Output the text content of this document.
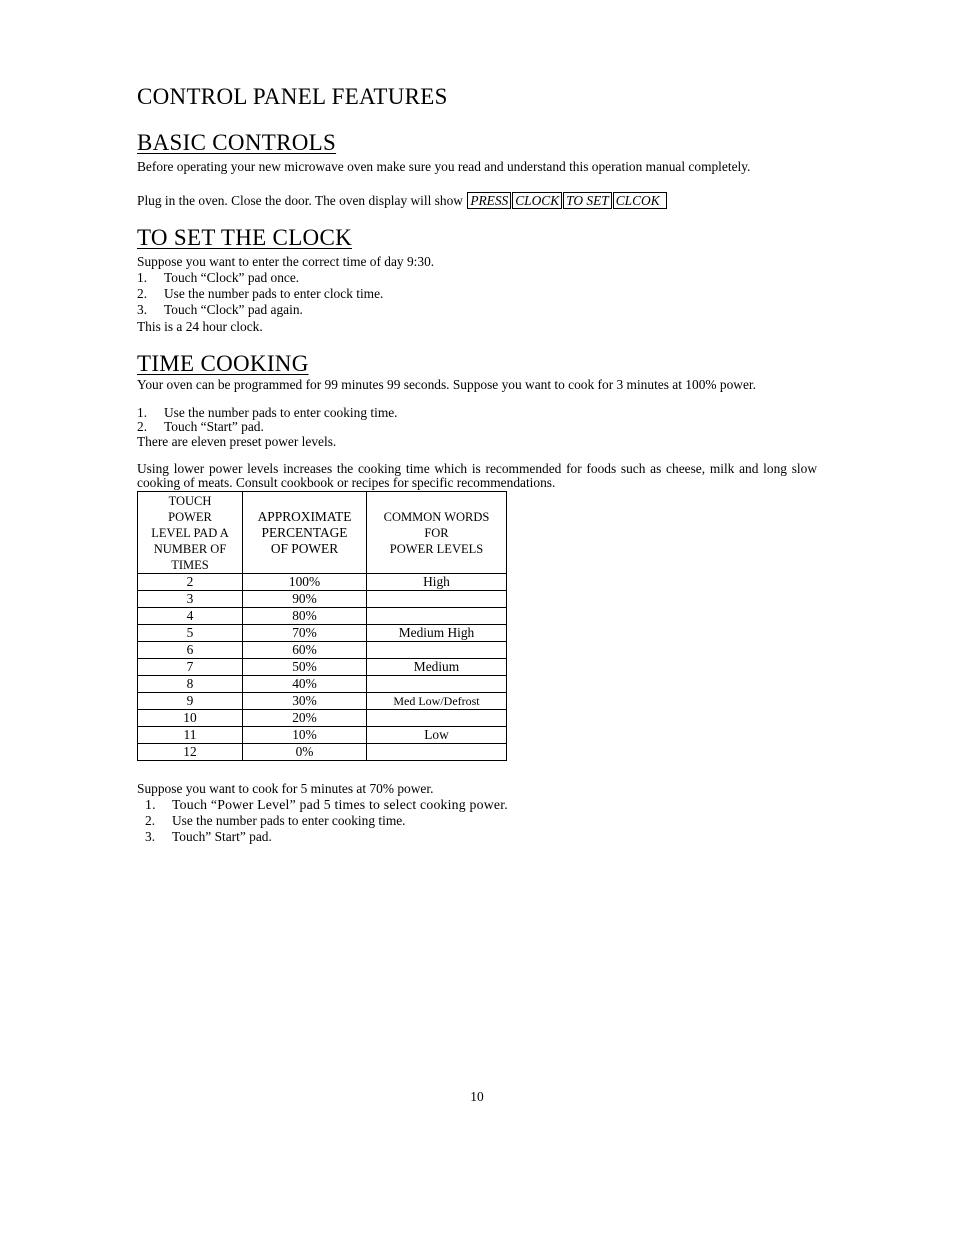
CONTROL PANEL FEATURES
BASIC CONTROLS

Before operating your new microwave oven make sure you read and understand this operation manual completely.

Plug in the oven. Close the door. The oven display will show PRESS CLOCK TO SET CLCOK

TO SET THE CLOCK

Suppose you want to enter the correct time of day 9:30.

1. Touch “Clock” pad once.
2. Use the number pads to enter clock time.
3. Touch “Clock” pad again.

This is a 24 hour clock.

TIME COOKING

Your oven can be programmed for 99 minutes 99 seconds. Suppose you want to cook for 3 minutes at 100% power.

1. Use the number pads to enter cooking time.
2. Touch “Start” pad.

There are eleven preset power levels.

Using lower power levels increases the cooking time which is recommended for foods such as cheese, milk and long slow cooking of meats. Consult cookbook or recipes for specific recommendations.

TOUCH
POWER
LEVEL PAD A
NUMBER OF
TIMES	APPROXIMATE
PERCENTAGE
OF POWER	COMMON WORDS
FOR
POWER LEVELS
2	100%	High
3	90%	
4	80%	
5	70%	Medium High
6	60%	
7	50%	Medium
8	40%	
9	30%	Med Low/Defrost
10	20%	
11	10%	Low
12	0%	

Suppose you want to cook for 5 minutes at 70% power.

1. Touch “Power Level” pad 5 times to select cooking power.
2. Use the number pads to enter cooking time.
3. Touch” Start” pad.
10
